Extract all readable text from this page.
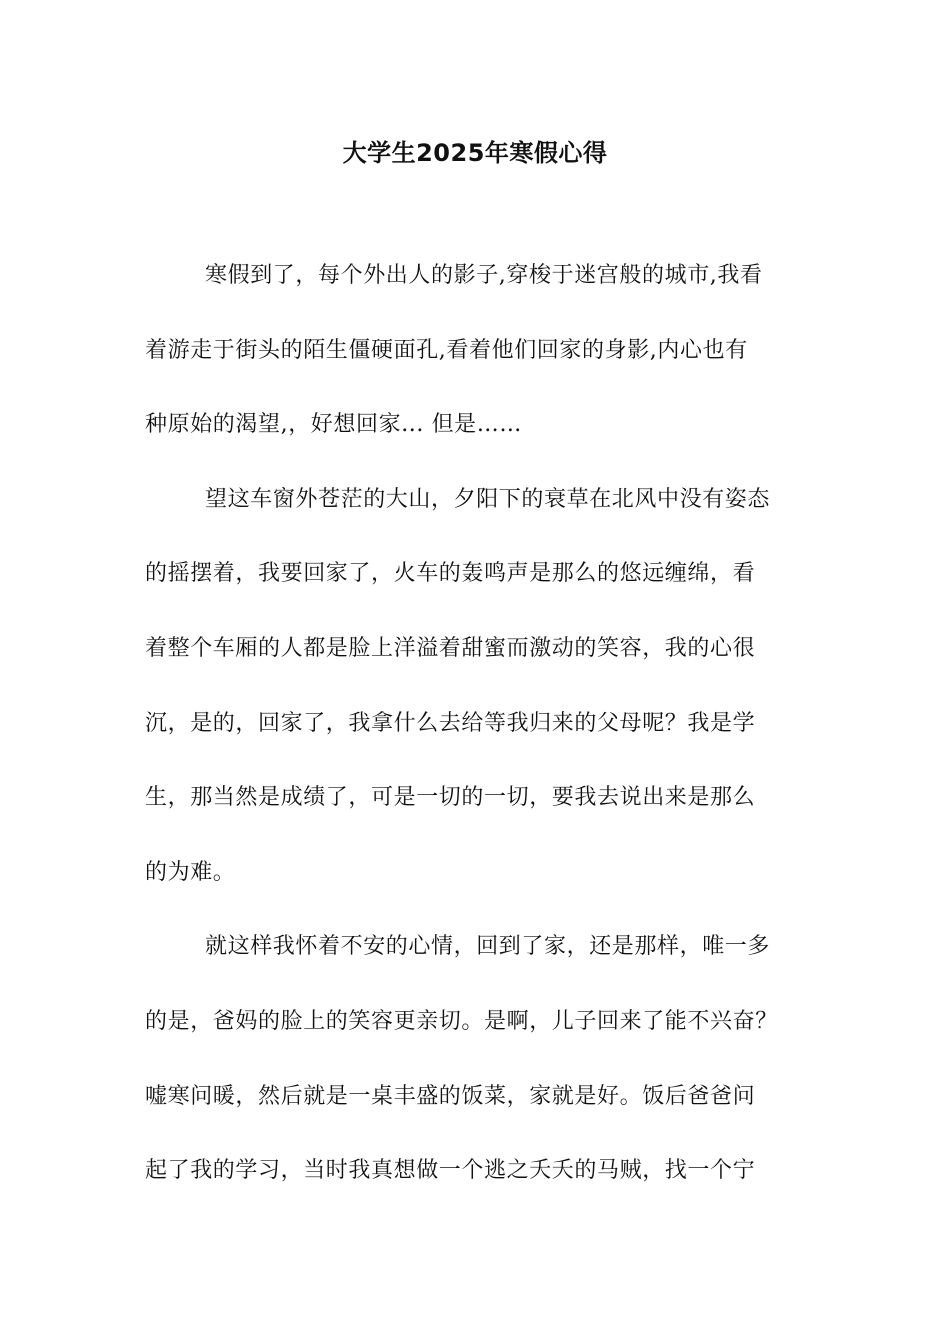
大学生2025年寒假心得
寒假到了，每个外出人的影子,穿梭于迷宫般的城市,我看
着游走于街头的陌生僵硬面孔,看着他们回家的身影,内心也有
种原始的渴望,，好想回家... 但是……
望这车窗外苍茫的大山，夕阳下的衰草在北风中没有姿态
的摇摆着，我要回家了，火车的轰鸣声是那么的悠远缠绵，看
着整个车厢的人都是脸上洋溢着甜蜜而激动的笑容，我的心很
沉，是的，回家了，我拿什么去给等我归来的父母呢？我是学
生，那当然是成绩了，可是一切的一切，要我去说出来是那么
的为难。
就这样我怀着不安的心情，回到了家，还是那样，唯一多
的是，爸妈的脸上的笑容更亲切。是啊，儿子回来了能不兴奋？
嘘寒问暖，然后就是一桌丰盛的饭菜，家就是好。饭后爸爸问
起了我的学习，当时我真想做一个逃之夭夭的马贼，找一个宁
